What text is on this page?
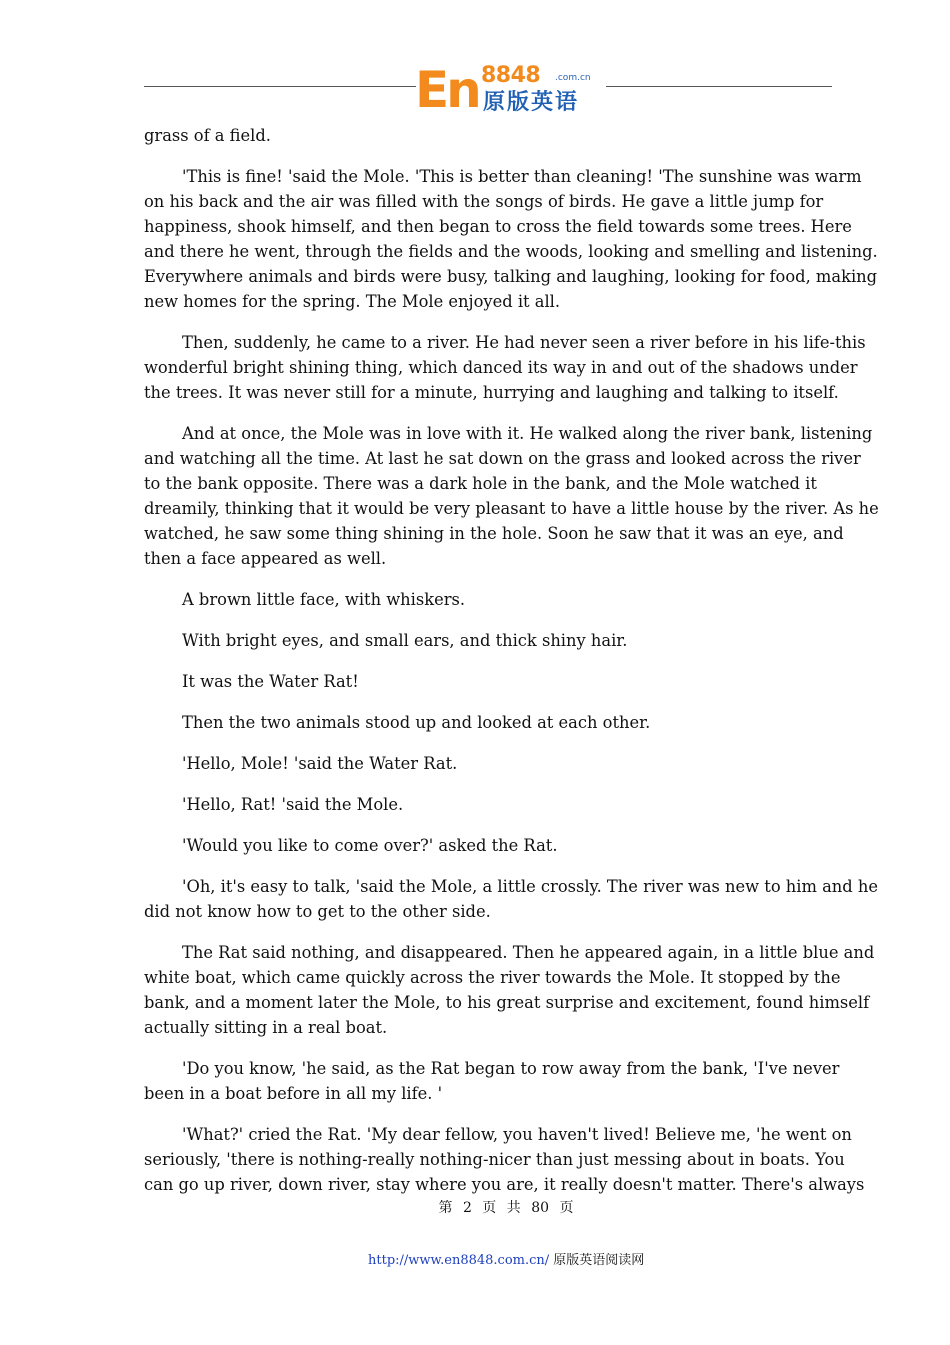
En 8848 .com.cn
原版英语

grass of a field.

'This is fine! 'said the Mole. 'This is better than cleaning! 'The sunshine was warm on his back and the air was filled with the songs of birds. He gave a little jump for happiness, shook himself, and then began to cross the field towards some trees. Here and there he went, through the fields and the woods, looking and smelling and listening. Everywhere animals and birds were busy, talking and laughing, looking for food, making new homes for the spring. The Mole enjoyed it all.

Then, suddenly, he came to a river. He had never seen a river before in his life-this wonderful bright shining thing, which danced its way in and out of the shadows under the trees. It was never still for a minute, hurrying and laughing and talking to itself.

And at once, the Mole was in love with it. He walked along the river bank, listening and watching all the time. At last he sat down on the grass and looked across the river to the bank opposite. There was a dark hole in the bank, and the Mole watched it dreamily, thinking that it would be very pleasant to have a little house by the river. As he watched, he saw some thing shining in the hole. Soon he saw that it was an eye, and then a face appeared as well.

A brown little face, with whiskers.

With bright eyes, and small ears, and thick shiny hair.

It was the Water Rat!

Then the two animals stood up and looked at each other.

'Hello, Mole! 'said the Water Rat.

'Hello, Rat! 'said the Mole.

'Would you like to come over?' asked the Rat.

'Oh, it's easy to talk, 'said the Mole, a little crossly. The river was new to him and he did not know how to get to the other side.

The Rat said nothing, and disappeared. Then he appeared again, in a little blue and white boat, which came quickly across the river towards the Mole. It stopped by the bank, and a moment later the Mole, to his great surprise and excitement, found himself actually sitting in a real boat.

'Do you know, 'he said, as the Rat began to row away from the bank, 'I've never been in a boat before in all my life. '

'What?' cried the Rat. 'My dear fellow, you haven't lived! Believe me, 'he went on seriously, 'there is nothing-really nothing-nicer than just messing about in boats. You can go up river, down river, stay where you are, it really doesn't matter. There's always

第 2 页 共 80 页
http://www.en8848.com.cn/ 原版英语阅读网
